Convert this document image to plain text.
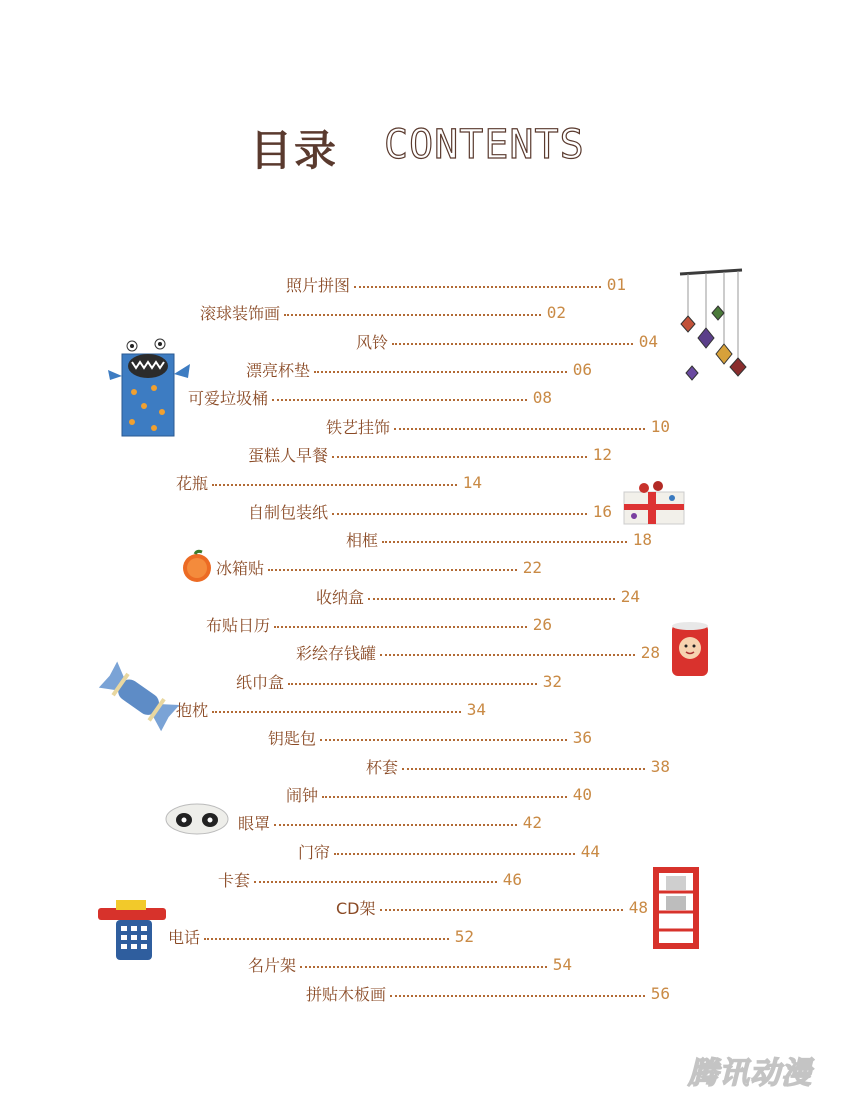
目录 CONTENTS
照片拼图	01
滚球装饰画	02
风铃	04
漂亮杯垫	06
可爱垃圾桶	08
铁艺挂饰	10
蛋糕人早餐	12
花瓶	14
自制包装纸	16
相框	18
冰箱贴	22
收纳盒	24
布贴日历	26
彩绘存钱罐	28
纸巾盒	32
抱枕	34
钥匙包	36
杯套	38
闹钟	40
眼罩	42
门帘	44
卡套	46
CD架	48
电话	52
名片架	54
拼贴木板画	56
腾讯动漫
